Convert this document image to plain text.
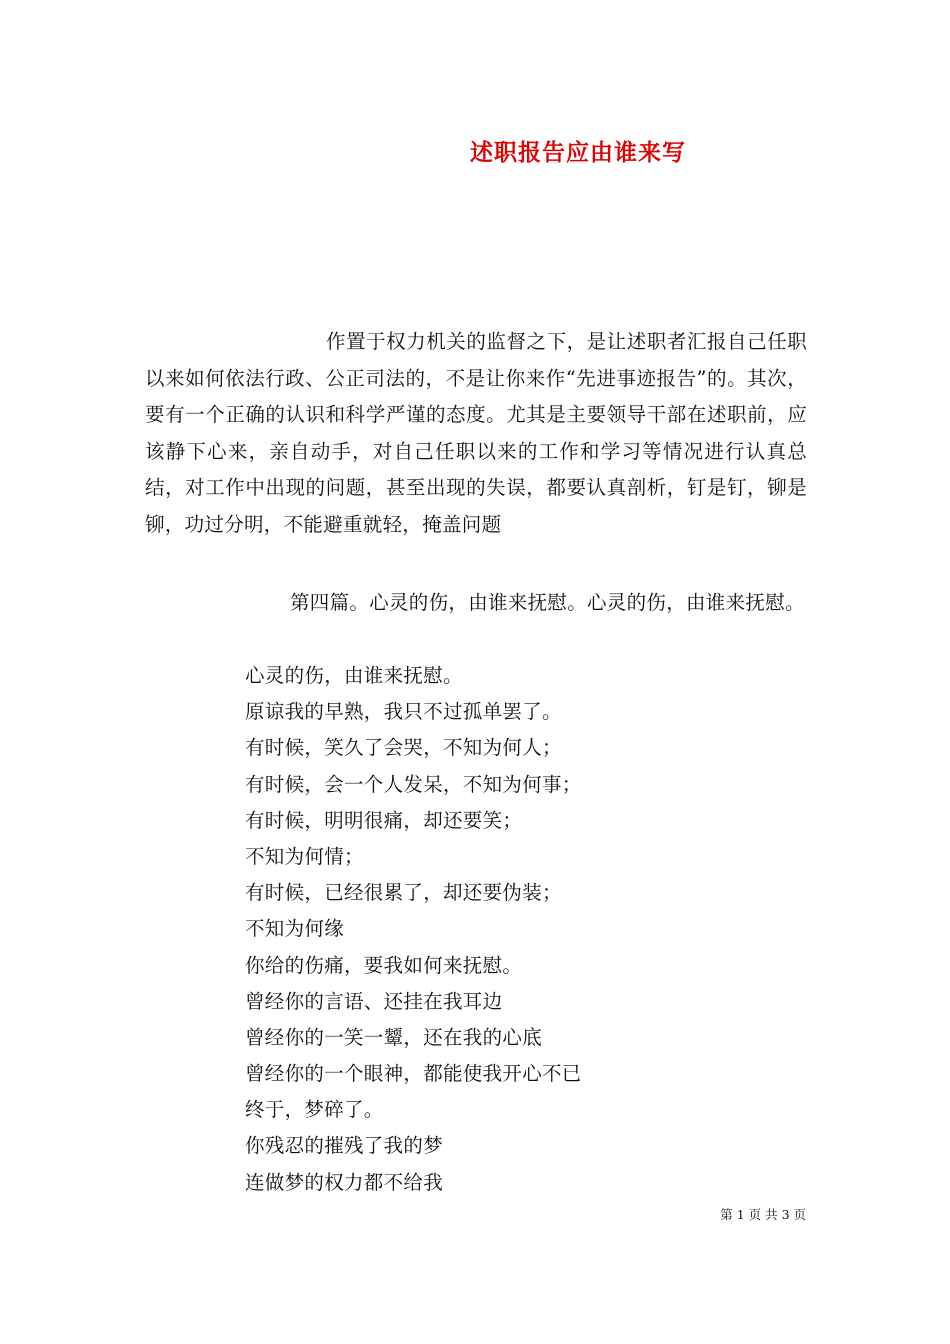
述职报告应由谁来写

作置于权力机关的监督之下，是让述职者汇报自己任职以来如何依法行政、公正司法的，不是让你来作“先进事迹报告”的。其次，要有一个正确的认识和科学严谨的态度。尤其是主要领导干部在述职前，应该静下心来，亲自动手，对自己任职以来的工作和学习等情况进行认真总结，对工作中出现的问题，甚至出现的失误，都要认真剖析，钉是钉，铆是铆，功过分明，不能避重就轻，掩盖问题

第四篇。心灵的伤，由谁来抚慰。心灵的伤，由谁来抚慰。

心灵的伤，由谁来抚慰。
原谅我的早熟，我只不过孤单罢了。
有时候，笑久了会哭，不知为何人；
有时候，会一个人发呆，不知为何事；
有时候，明明很痛，却还要笑；
不知为何情；
有时候，已经很累了，却还要伪装；
不知为何缘
你给的伤痛，要我如何来抚慰。
曾经你的言语、还挂在我耳边
曾经你的一笑一颦，还在我的心底
曾经你的一个眼神，都能使我开心不已
终于，梦碎了。
你残忍的摧残了我的梦
连做梦的权力都不给我
第 1 页 共 3 页
